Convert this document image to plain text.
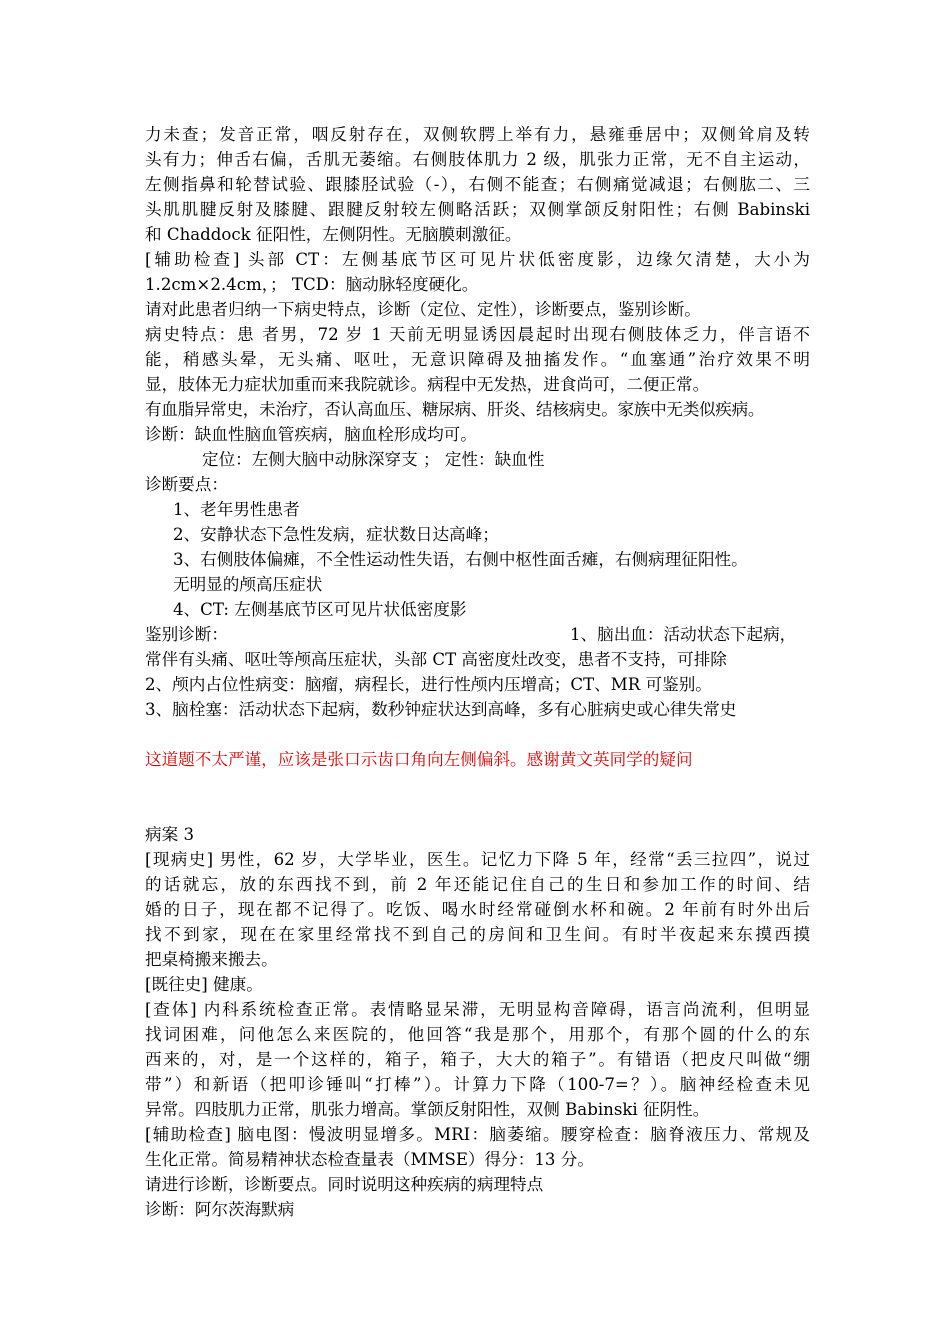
力未查；发音正常，咽反射存在，双侧软腭上举有力，悬雍垂居中；双侧耸肩及转
头有力；伸舌右偏，舌肌无萎缩。右侧肢体肌力 2 级，肌张力正常，无不自主运动，
左侧指鼻和轮替试验、跟膝胫试验（-），右侧不能查；右侧痛觉减退；右侧肱二、三
头肌肌腱反射及膝腱、跟腱反射较左侧略活跃；双侧掌颌反射阳性；右侧 Babinski
和 Chaddock 征阳性，左侧阴性。无脑膜刺激征。
[辅助检查] 头部 CT：左侧基底节区可见片状低密度影，边缘欠清楚，大小为
1.2cm×2.4cm，； TCD：脑动脉轻度硬化。
请对此患者归纳一下病史特点，诊断（定位、定性），诊断要点，鉴别诊断。
病史特点：患 者男，72 岁 1 天前无明显诱因晨起时出现右侧肢体乏力，伴言语不
能，稍感头晕，无头痛、呕吐，无意识障碍及抽搐发作。“血塞通”治疗效果不明
显，肢体无力症状加重而来我院就诊。病程中无发热，进食尚可，二便正常。
有血脂异常史，未治疗，否认高血压、糖尿病、肝炎、结核病史。家族中无类似疾病。
诊断：缺血性脑血管疾病，脑血栓形成均可。
定位：左侧大脑中动脉深穿支 ； 定性：缺血性
诊断要点：
1、老年男性患者
2、安静状态下急性发病，症状数日达高峰；
3、右侧肢体偏瘫，不全性运动性失语，右侧中枢性面舌瘫，右侧病理征阳性。
无明显的颅高压症状
4、CT: 左侧基底节区可见片状低密度影
鉴别诊断：	1、脑出血：活动状态下起病，
常伴有头痛、呕吐等颅高压症状，头部 CT 高密度灶改变，患者不支持，可排除
2、颅内占位性病变：脑瘤，病程长，进行性颅内压增高；CT、MR 可鉴别。
3、脑栓塞：活动状态下起病，数秒钟症状达到高峰，多有心脏病史或心律失常史
这道题不太严谨，应该是张口示齿口角向左侧偏斜。感谢黄文英同学的疑问
病案 3
[现病史] 男性，62 岁，大学毕业，医生。记忆力下降 5 年，经常“丢三拉四”，说过
的话就忘，放的东西找不到，前 2 年还能记住自己的生日和参加工作的时间、结
婚的日子，现在都不记得了。吃饭、喝水时经常碰倒水杯和碗。2 年前有时外出后
找不到家，现在在家里经常找不到自己的房间和卫生间。有时半夜起来东摸西摸
把桌椅搬来搬去。
[既往史] 健康。
[查体] 内科系统检查正常。表情略显呆滞，无明显构音障碍，语言尚流利，但明显
找词困难，问他怎么来医院的，他回答“我是那个，用那个，有那个圆的什么的东
西来的，对，是一个这样的，箱子，箱子，大大的箱子”。有错语（把皮尺叫做“绷
带”）和新语（把叩诊锤叫“打棒”）。计算力下降（100-7=？）。脑神经检查未见
异常。四肢肌力正常，肌张力增高。掌颌反射阳性，双侧 Babinski 征阴性。
[辅助检查] 脑电图：慢波明显增多。MRI：脑萎缩。腰穿检查：脑脊液压力、常规及
生化正常。简易精神状态检查量表（MMSE）得分：13 分。
请进行诊断，诊断要点。同时说明这种疾病的病理特点
诊断：阿尔茨海默病
